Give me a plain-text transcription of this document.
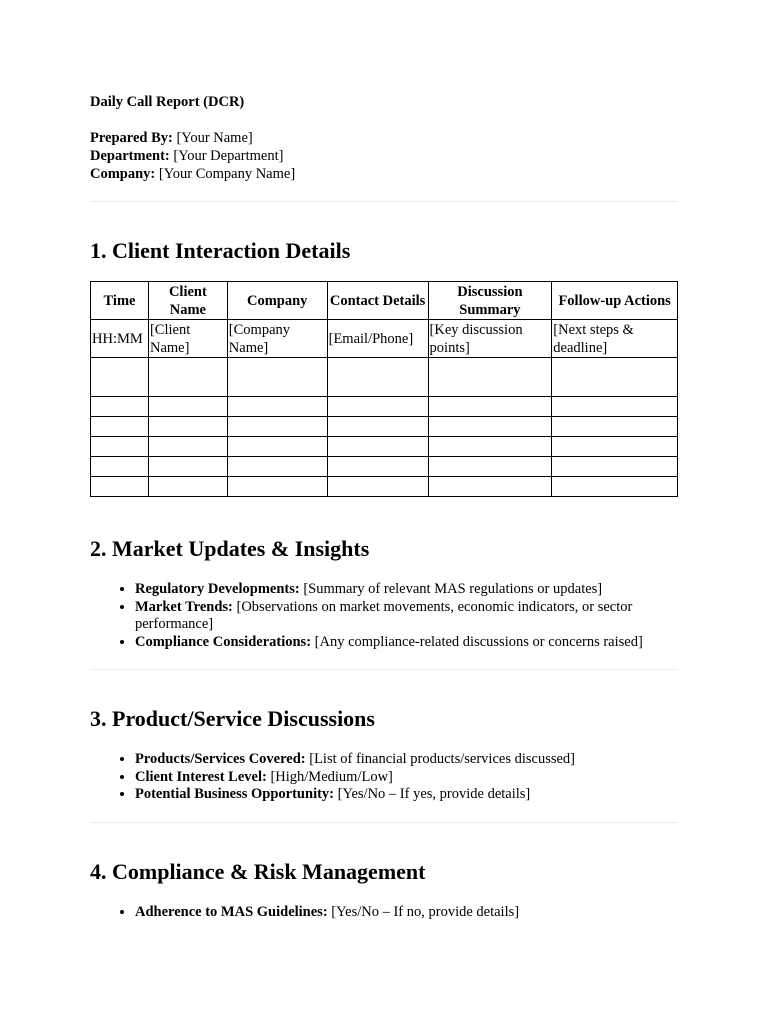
Daily Call Report (DCR)
Prepared By: [Your Name]
Department: [Your Department]
Company: [Your Company Name]
1. Client Interaction Details
Time	Client Name	Company	Contact Details	Discussion Summary	Follow-up Actions
HH:MM	[Client Name]	[Company Name]	[Email/Phone]	[Key discussion points]	[Next steps & deadline]

2. Market Updates & Insights
• Regulatory Developments: [Summary of relevant MAS regulations or updates]
• Market Trends: [Observations on market movements, economic indicators, or sector performance]
• Compliance Considerations: [Any compliance-related discussions or concerns raised]
3. Product/Service Discussions
• Products/Services Covered: [List of financial products/services discussed]
• Client Interest Level: [High/Medium/Low]
• Potential Business Opportunity: [Yes/No – If yes, provide details]
4. Compliance & Risk Management
• Adherence to MAS Guidelines: [Yes/No – If no, provide details]
